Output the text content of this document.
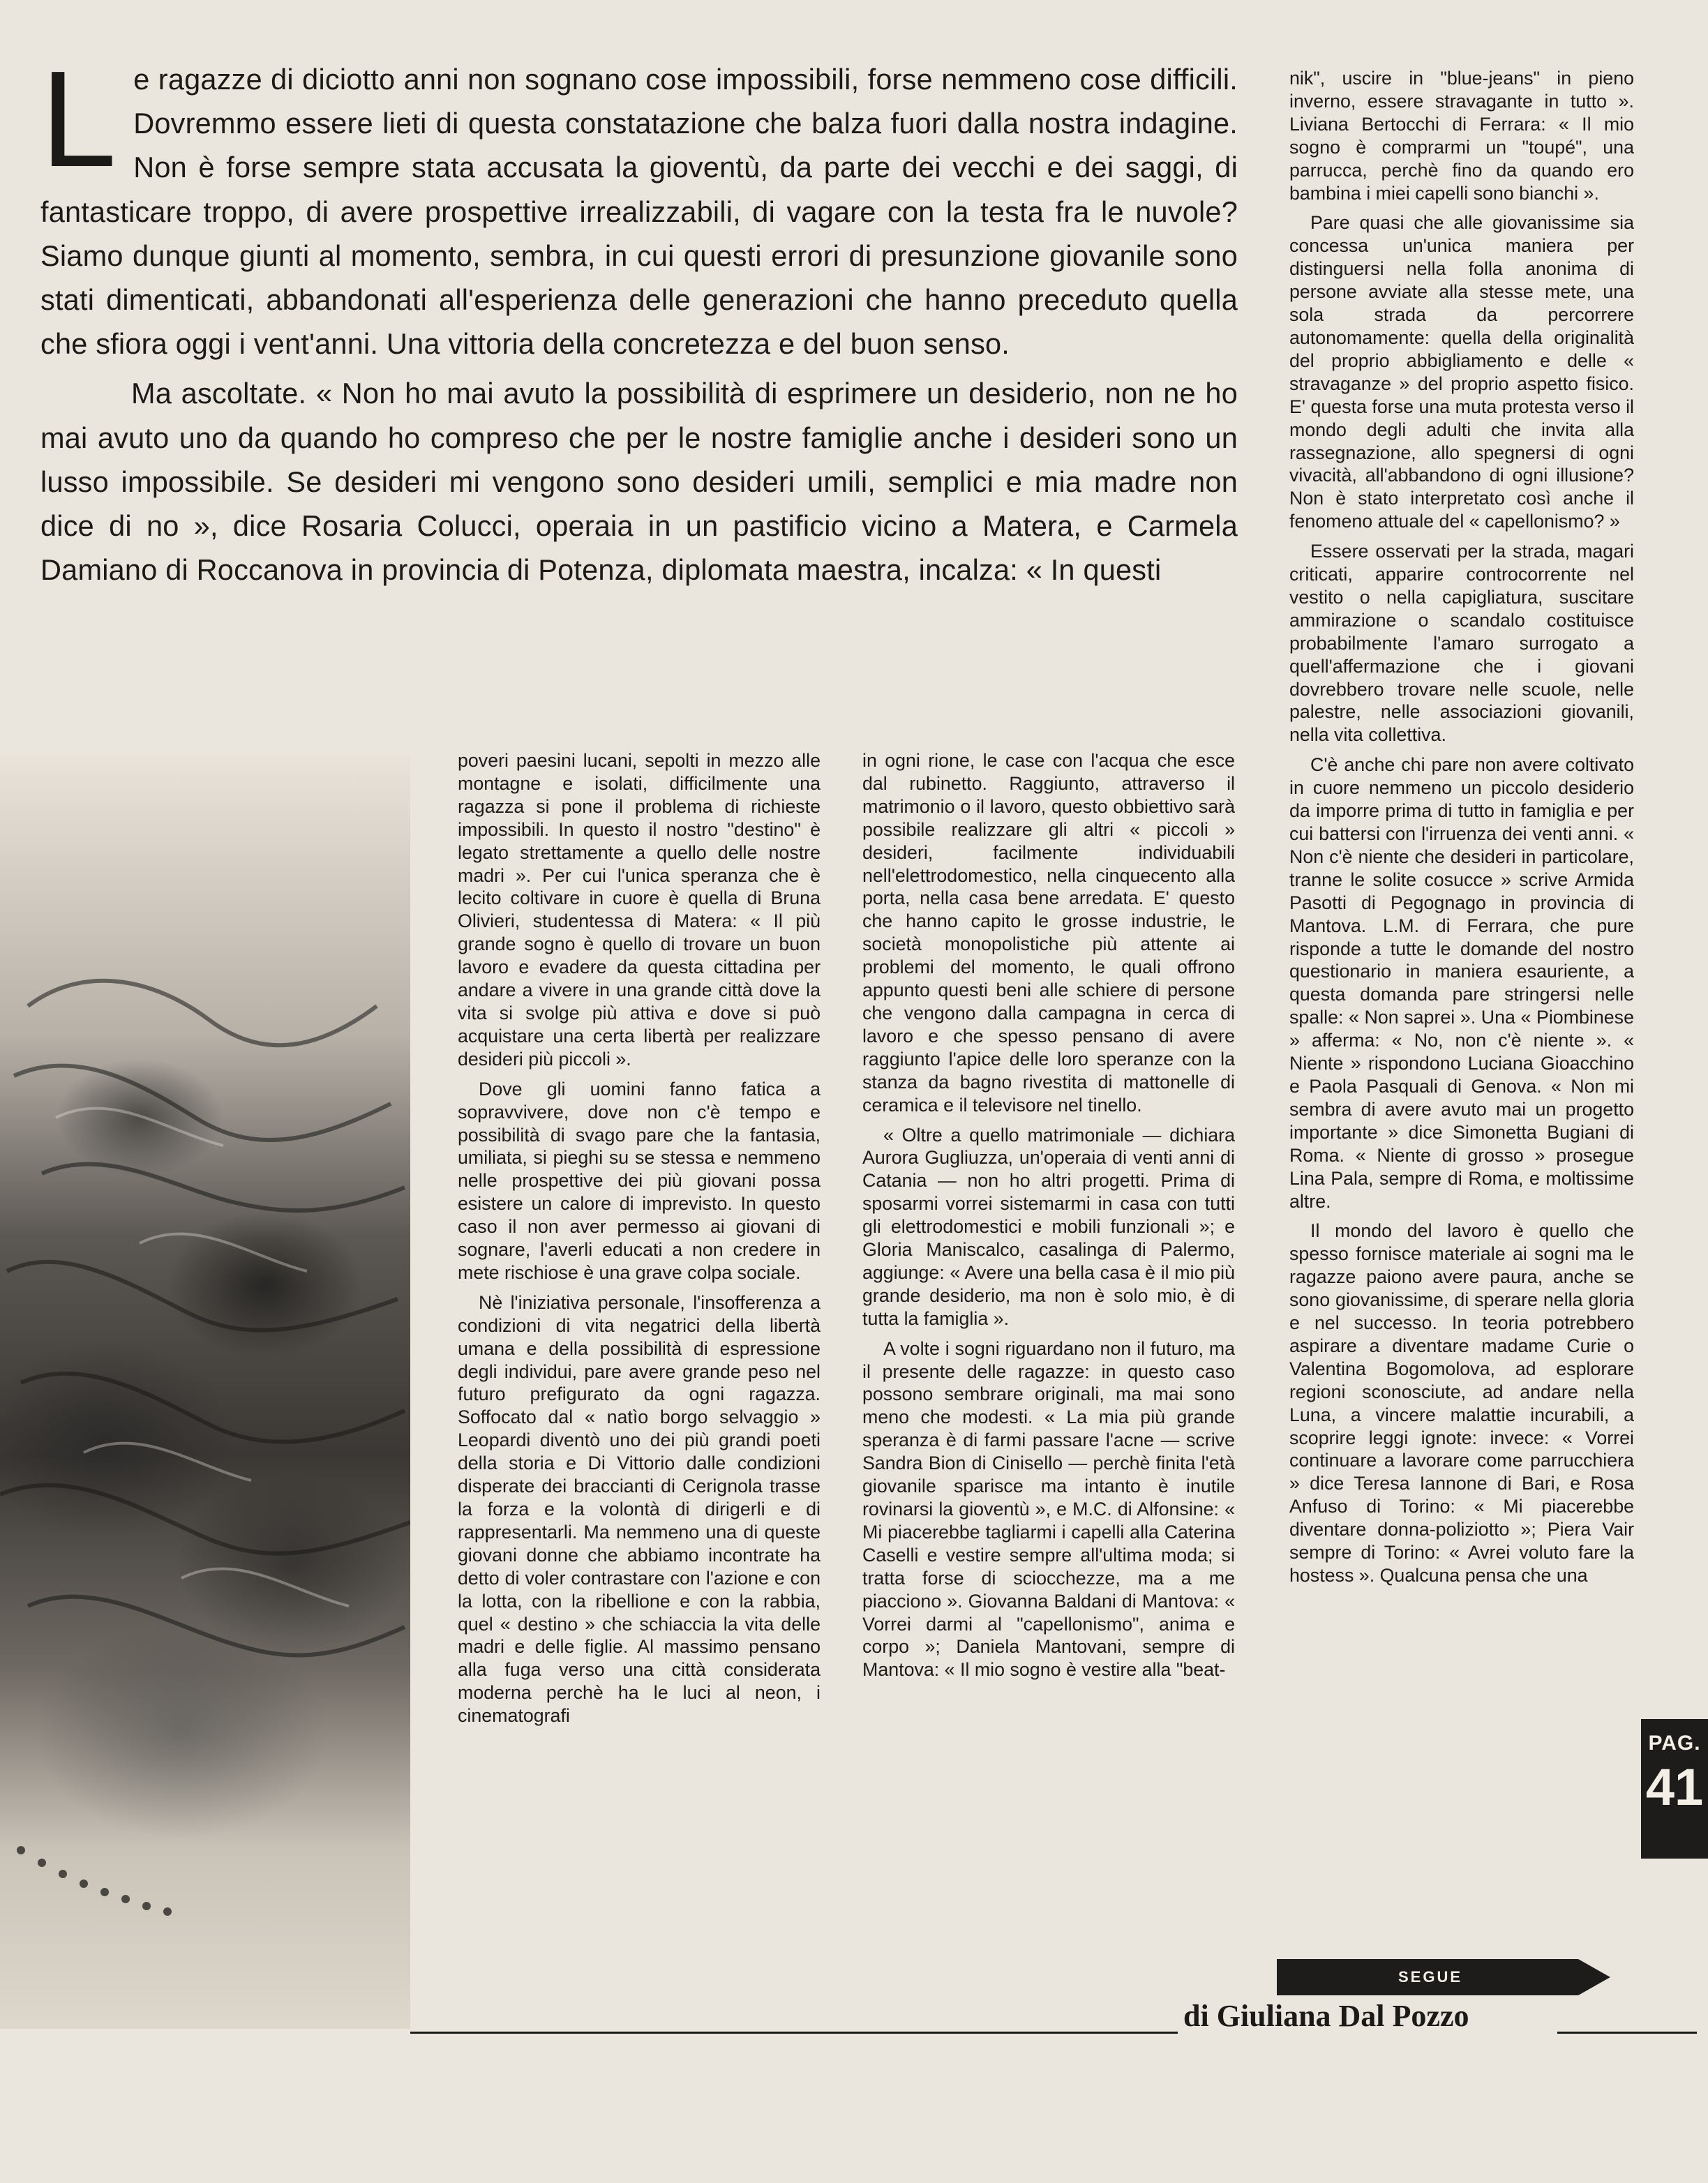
Le ragazze di diciotto anni non sognano cose impossibili, forse nemmeno cose difficili. Dovremmo essere lieti di questa constatazione che balza fuori dalla nostra indagine. Non è forse sempre stata accusata la gioventù, da parte dei vecchi e dei saggi, di fantasticare troppo, di avere prospettive irrealizzabili, di vagare con la testa fra le nuvole? Siamo dunque giunti al momento, sembra, in cui questi errori di presunzione giovanile sono stati dimenticati, abbandonati all'esperienza delle generazioni che hanno preceduto quella che sfiora oggi i vent'anni. Una vittoria della concretezza e del buon senso.

Ma ascoltate. « Non ho mai avuto la possibilità di esprimere un desiderio, non ne ho mai avuto uno da quando ho compreso che per le nostre famiglie anche i desideri sono un lusso impossibile. Se desideri mi vengono sono desideri umili, semplici e mia madre non dice di no », dice Rosaria Colucci, operaia in un pastificio vicino a Matera, e Carmela Damiano di Roccanova in provincia di Potenza, diplomata maestra, incalza: « In questi

nik", uscire in "blue-jeans" in pieno inverno, essere stravagante in tutto ». Liviana Bertocchi di Ferrara: « Il mio sogno è comprarmi un "toupé", una parrucca, perchè fino da quando ero bambina i miei capelli sono bianchi ».

Pare quasi che alle giovanissime sia concessa un'unica maniera per distinguersi nella folla anonima di persone avviate alla stesse mete, una sola strada da percorrere autonomamente: quella della originalità del proprio abbigliamento e delle « stravaganze » del proprio aspetto fisico. E' questa forse una muta protesta verso il mondo degli adulti che invita alla rassegnazione, allo spegnersi di ogni vivacità, all'abbandono di ogni illusione? Non è stato interpretato così anche il fenomeno attuale del « capellonismo? »

Essere osservati per la strada, magari criticati, apparire controcorrente nel vestito o nella capigliatura, suscitare ammirazione o scandalo costituisce probabilmente l'amaro surrogato a quell'affermazione che i giovani dovrebbero trovare nelle scuole, nelle palestre, nelle associazioni giovanili, nella vita collettiva.

C'è anche chi pare non avere coltivato in cuore nemmeno un piccolo desiderio da imporre prima di tutto in famiglia e per cui battersi con l'irruenza dei venti anni. « Non c'è niente che desideri in particolare, tranne le solite cosucce » scrive Armida Pasotti di Pegognago in provincia di Mantova. L.M. di Ferrara, che pure risponde a tutte le domande del nostro questionario in maniera esauriente, a questa domanda pare stringersi nelle spalle: « Non saprei ». Una « Piombinese » afferma: « No, non c'è niente ». « Niente » rispondono Luciana Gioacchino e Paola Pasquali di Genova. « Non mi sembra di avere avuto mai un progetto importante » dice Simonetta Bugiani di Roma. « Niente di grosso » prosegue Lina Pala, sempre di Roma, e moltissime altre.

Il mondo del lavoro è quello che spesso fornisce materiale ai sogni ma le ragazze paiono avere paura, anche se sono giovanissime, di sperare nella gloria e nel successo. In teoria potrebbero aspirare a diventare madame Curie o Valentina Bogomolova, ad esplorare regioni sconosciute, ad andare nella Luna, a vincere malattie incurabili, a scoprire leggi ignote: invece: « Vorrei continuare a lavorare come parrucchiera » dice Teresa Iannone di Bari, e Rosa Anfuso di Torino: « Mi piacerebbe diventare donna-poliziotto »; Piera Vair sempre di Torino: « Avrei voluto fare la hostess ». Qualcuna pensa che una

poveri paesini lucani, sepolti in mezzo alle montagne e isolati, difficilmente una ragazza si pone il problema di richieste impossibili. In questo il nostro "destino" è legato strettamente a quello delle nostre madri ». Per cui l'unica speranza che è lecito coltivare in cuore è quella di Bruna Olivieri, studentessa di Matera: « Il più grande sogno è quello di trovare un buon lavoro e evadere da questa cittadina per andare a vivere in una grande città dove la vita si svolge più attiva e dove si può acquistare una certa libertà per realizzare desideri più piccoli ».

Dove gli uomini fanno fatica a sopravvivere, dove non c'è tempo e possibilità di svago pare che la fantasia, umiliata, si pieghi su se stessa e nemmeno nelle prospettive dei più giovani possa esistere un calore di imprevisto. In questo caso il non aver permesso ai giovani di sognare, l'averli educati a non credere in mete rischiose è una grave colpa sociale.

Nè l'iniziativa personale, l'insofferenza a condizioni di vita negatrici della libertà umana e della possibilità di espressione degli individui, pare avere grande peso nel futuro prefigurato da ogni ragazza. Soffocato dal « natìo borgo selvaggio » Leopardi diventò uno dei più grandi poeti della storia e Di Vittorio dalle condizioni disperate dei braccianti di Cerignola trasse la forza e la volontà di dirigerli e di rappresentarli. Ma nemmeno una di queste giovani donne che abbiamo incontrate ha detto di voler contrastare con l'azione e con la lotta, con la ribellione e con la rabbia, quel « destino » che schiaccia la vita delle madri e delle figlie. Al massimo pensano alla fuga verso una città considerata moderna perchè ha le luci al neon, i cinematografi

in ogni rione, le case con l'acqua che esce dal rubinetto. Raggiunto, attraverso il matrimonio o il lavoro, questo obbiettivo sarà possibile realizzare gli altri « piccoli » desideri, facilmente individuabili nell'elettrodomestico, nella cinquecento alla porta, nella casa bene arredata. E' questo che hanno capito le grosse industrie, le società monopolistiche più attente ai problemi del momento, le quali offrono appunto questi beni alle schiere di persone che vengono dalla campagna in cerca di lavoro e che spesso pensano di avere raggiunto l'apice delle loro speranze con la stanza da bagno rivestita di mattonelle di ceramica e il televisore nel tinello.

« Oltre a quello matrimoniale — dichiara Aurora Gugliuzza, un'operaia di venti anni di Catania — non ho altri progetti. Prima di sposarmi vorrei sistemarmi in casa con tutti gli elettrodomestici e mobili funzionali »; e Gloria Maniscalco, casalinga di Palermo, aggiunge: « Avere una bella casa è il mio più grande desiderio, ma non è solo mio, è di tutta la famiglia ».

A volte i sogni riguardano non il futuro, ma il presente delle ragazze: in questo caso possono sembrare originali, ma mai sono meno che modesti. « La mia più grande speranza è di farmi passare l'acne — scrive Sandra Bion di Cinisello — perchè finita l'età giovanile sparisce ma intanto è inutile rovinarsi la gioventù », e M.C. di Alfonsine: « Mi piacerebbe tagliarmi i capelli alla Caterina Caselli e vestire sempre all'ultima moda; si tratta forse di sciocchezze, ma a me piacciono ». Giovanna Baldani di Mantova: « Vorrei darmi al "capellonismo", anima e corpo »; Daniela Mantovani, sempre di Mantova: « Il mio sogno è vestire alla "beat-

PAG.
41
SEGUE
di Giuliana Dal Pozzo
